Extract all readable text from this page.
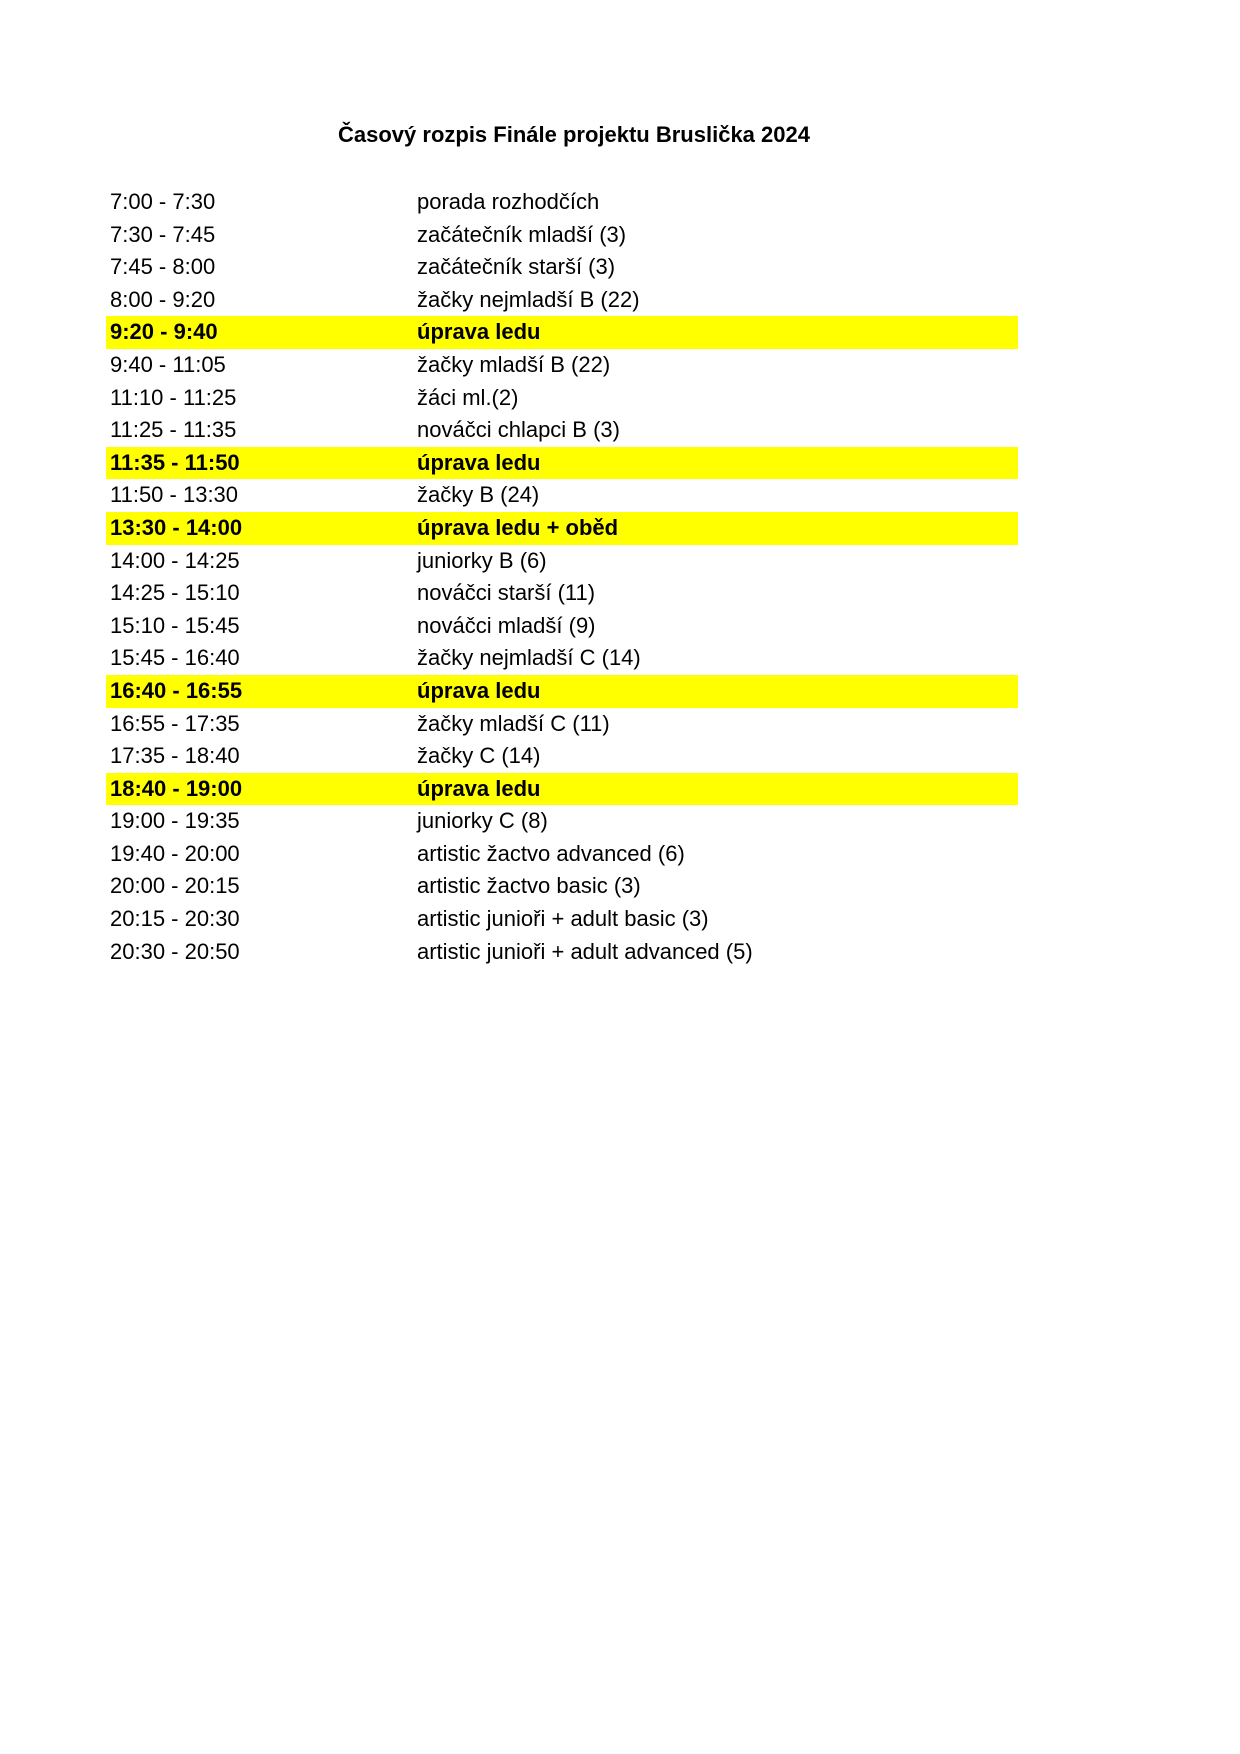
Časový rozpis Finále projektu Bruslička 2024
7:00 - 7:30	porada rozhodčích
7:30 - 7:45	začátečník mladší (3)
7:45 - 8:00	začátečník starší (3)
8:00 - 9:20	žačky nejmladší B (22)
9:20 - 9:40	úprava ledu
9:40 - 11:05	žačky mladší B (22)
11:10 - 11:25	žáci ml.(2)
11:25 - 11:35	nováčci chlapci B (3)
11:35 - 11:50	úprava ledu
11:50 - 13:30	žačky B (24)
13:30 - 14:00	úprava ledu + oběd
14:00 - 14:25	juniorky B (6)
14:25 - 15:10	nováčci starší (11)
15:10 - 15:45	nováčci mladší (9)
15:45 - 16:40	žačky nejmladší C (14)
16:40 - 16:55	úprava ledu
16:55 - 17:35	žačky mladší C (11)
17:35 - 18:40	žačky C (14)
18:40 - 19:00	úprava ledu
19:00 - 19:35	juniorky C (8)
19:40 - 20:00	artistic žactvo advanced (6)
20:00 - 20:15	artistic žactvo basic (3)
20:15 - 20:30	artistic junioři + adult basic (3)
20:30 - 20:50	artistic junioři + adult advanced (5)
